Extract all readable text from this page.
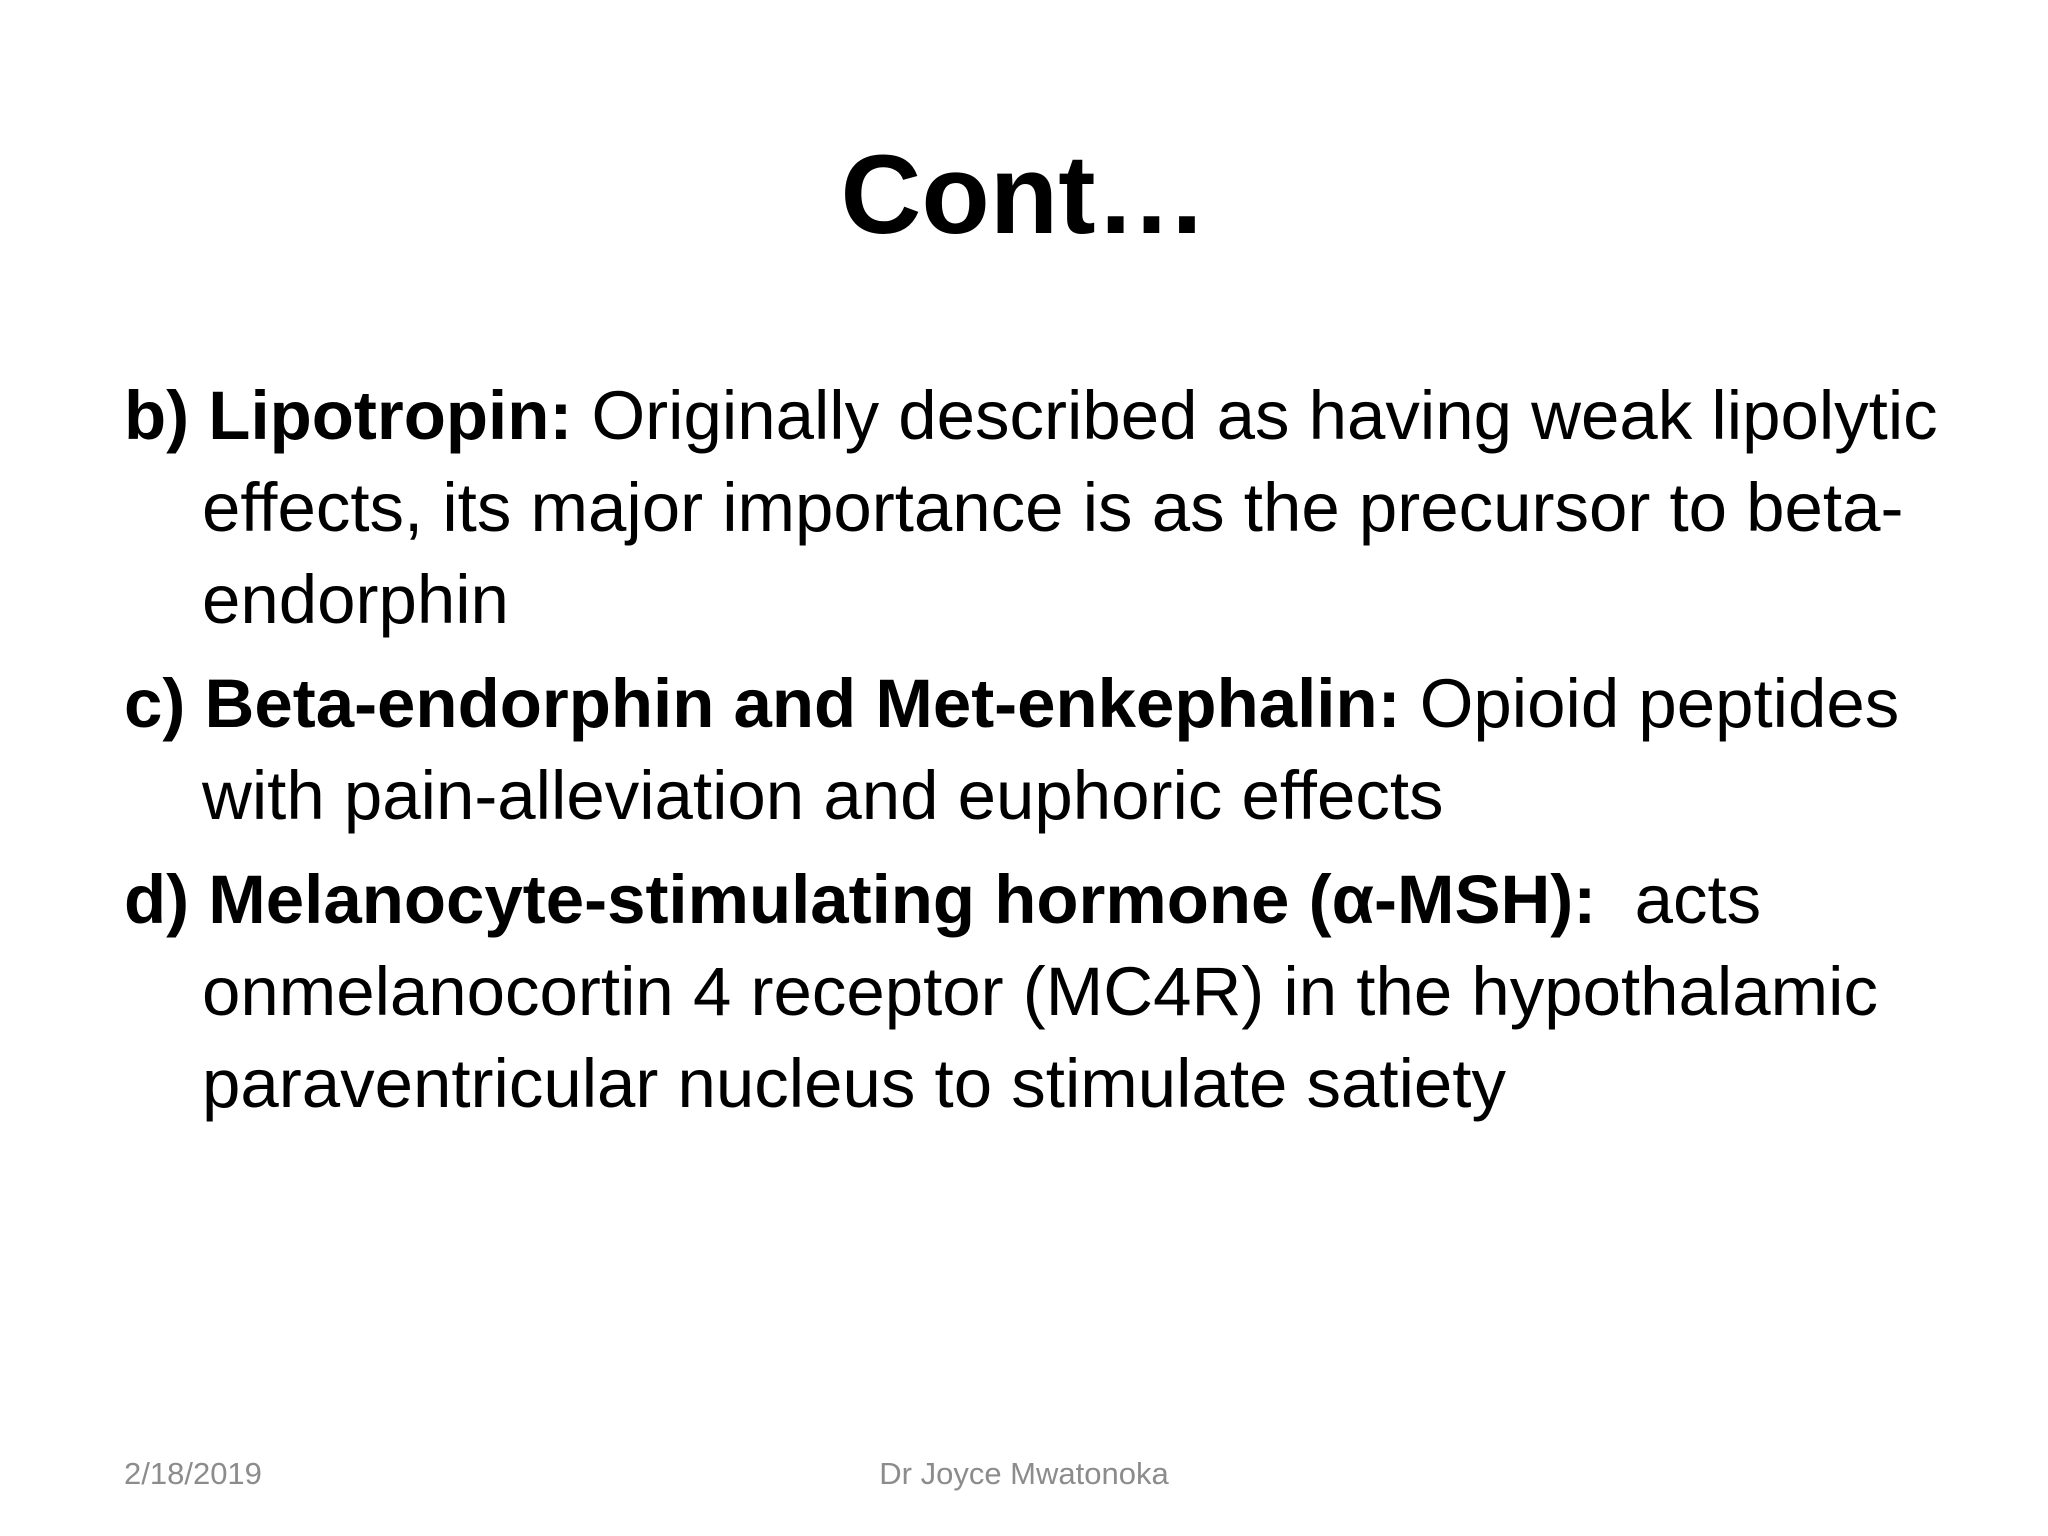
Cont…
b) Lipotropin: Originally described as having weak lipolytic effects, its major importance is as the precursor to beta-endorphin
c) Beta-endorphin and Met-enkephalin: Opioid peptides with pain-alleviation and euphoric effects
d) Melanocyte-stimulating hormone (α-MSH):  acts onmelanocortin 4 receptor (MC4R) in the hypothalamic paraventricular nucleus to stimulate satiety
2/18/2019	Dr Joyce Mwatonoka
